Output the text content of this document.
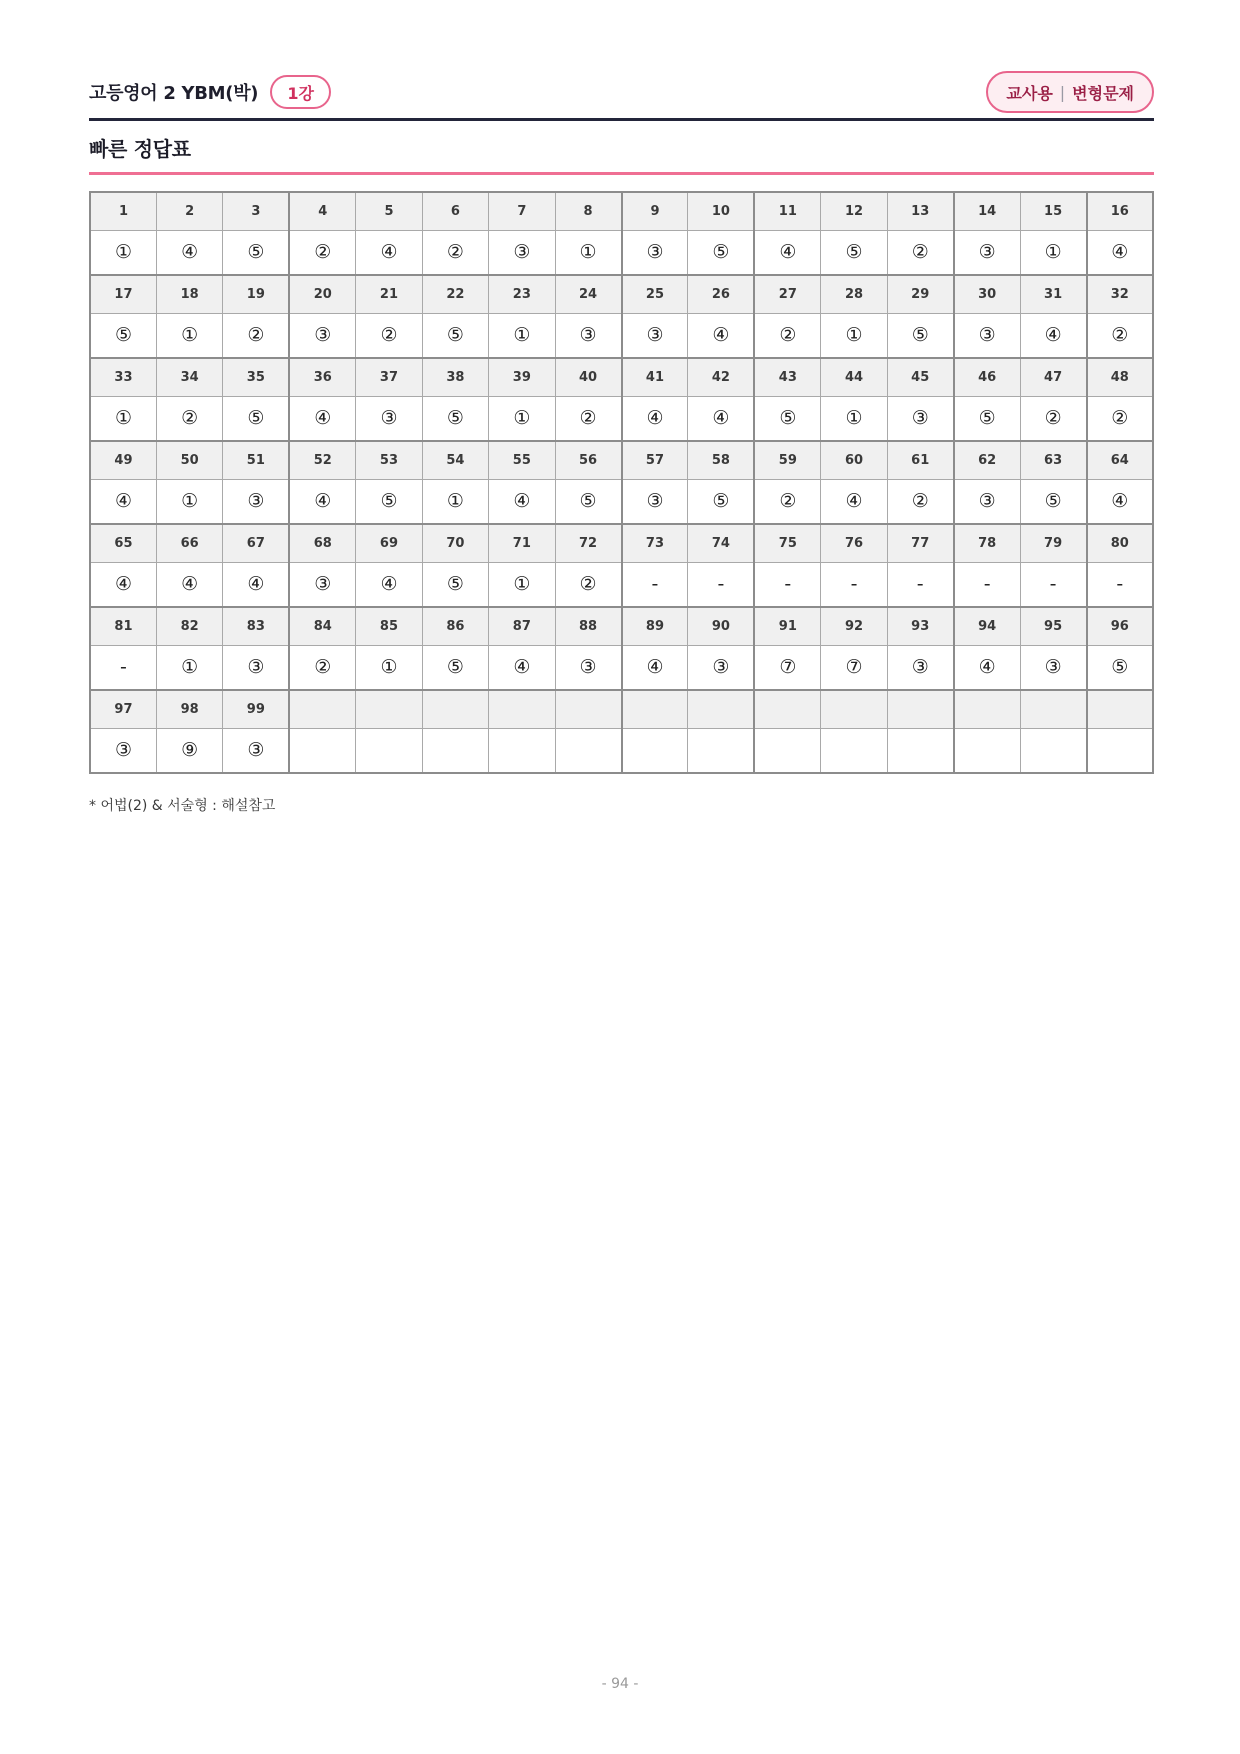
고등영어 2 YBM(박)	1강	교사용 | 변형문제
빠른 정답표
1	2	3	4	5	6	7	8	9	10	11	12	13	14	15	16
①	④	⑤	②	④	②	③	①	③	⑤	④	⑤	②	③	①	④
17	18	19	20	21	22	23	24	25	26	27	28	29	30	31	32
⑤	①	②	③	②	⑤	①	③	③	④	②	①	⑤	③	④	②
33	34	35	36	37	38	39	40	41	42	43	44	45	46	47	48
①	②	⑤	④	③	⑤	①	②	④	④	⑤	①	③	⑤	②	②
49	50	51	52	53	54	55	56	57	58	59	60	61	62	63	64
④	①	③	④	⑤	①	④	⑤	③	⑤	②	④	②	③	⑤	④
65	66	67	68	69	70	71	72	73	74	75	76	77	78	79	80
④	④	④	③	④	⑤	①	②	-	-	-	-	-	-	-	-
81	82	83	84	85	86	87	88	89	90	91	92	93	94	95	96
-	①	③	②	①	⑤	④	③	④	③	⑦	⑦	③	④	③	⑤
97	98	99													
③	⑨	③													
* 어법(2) & 서술형 : 해설참고
- 94 -
